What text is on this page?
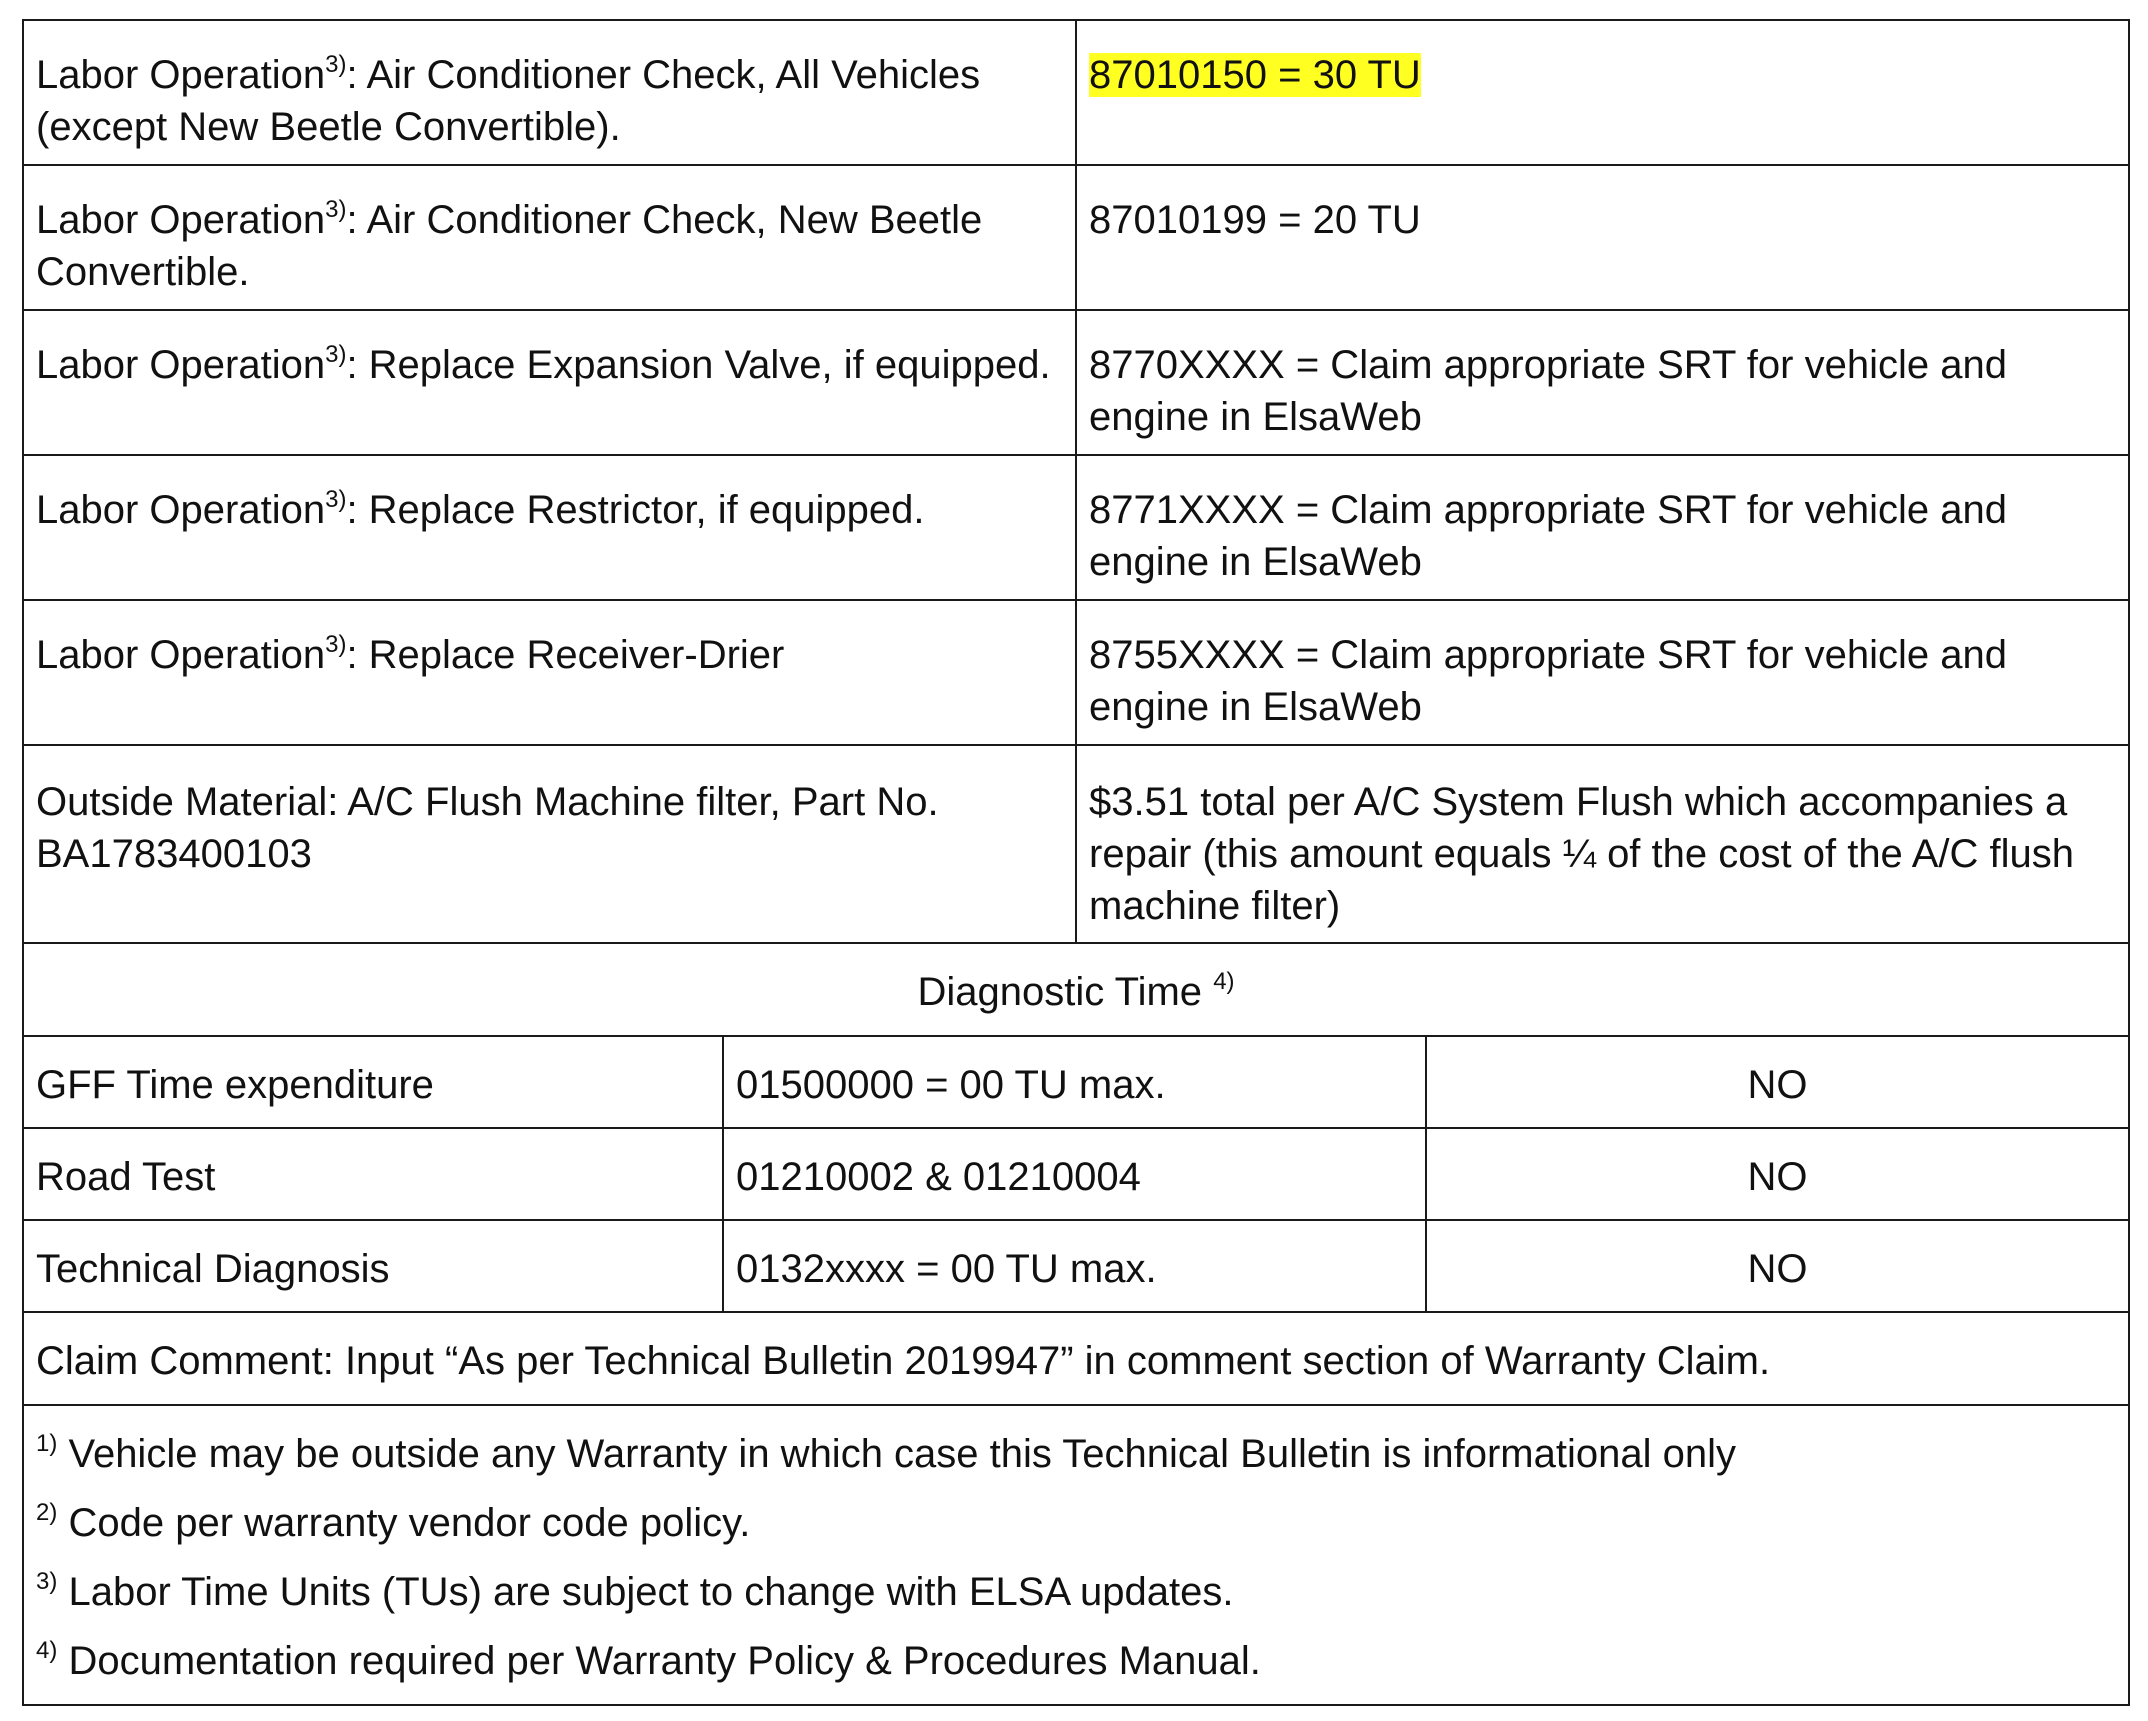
Labor Operation$^{3)}$: Air Conditioner Check, All Vehicles (except New Beetle Convertible).		87010150 = 30 TU	
Labor Operation$^{3)}$: Air Conditioner Check, New Beetle Convertible.		87010199 = 20 TU	
Labor Operation$^{3)}$: Replace Expansion Valve, if equipped.		8770XXXX = Claim appropriate SRT for vehicle and engine in ElsaWeb	
Labor Operation$^{3)}$: Replace Restrictor, if equipped.		8771XXXX = Claim appropriate SRT for vehicle and engine in ElsaWeb	
Labor Operation$^{3)}$: Replace Receiver-Drier		8755XXXX = Claim appropriate SRT for vehicle and engine in ElsaWeb	
Outside Material: A/C Flush Machine filter, Part No. BA1783400103		$3.51 total per A/C System Flush which accompanies a repair (this amount equals ¼ of the cost of the A/C flush machine filter)	
Diagnostic Time $^{4)}$
GFF Time expenditure	01500000 = 00 TU max.		NO
Road Test	01210002 & 01210004		NO
Technical Diagnosis	0132xxxx = 00 TU max.		NO
Claim Comment: Input “As per Technical Bulletin 2019947” in comment section of Warranty Claim.			

$^{1)}$ Vehicle may be outside any Warranty in which case this Technical Bulletin is informational only
$^{2)}$ Code per warranty vendor code policy.
$^{3)}$ Labor Time Units (TUs) are subject to change with ELSA updates.
$^{4)}$ Documentation required per Warranty Policy & Procedures Manual.			
